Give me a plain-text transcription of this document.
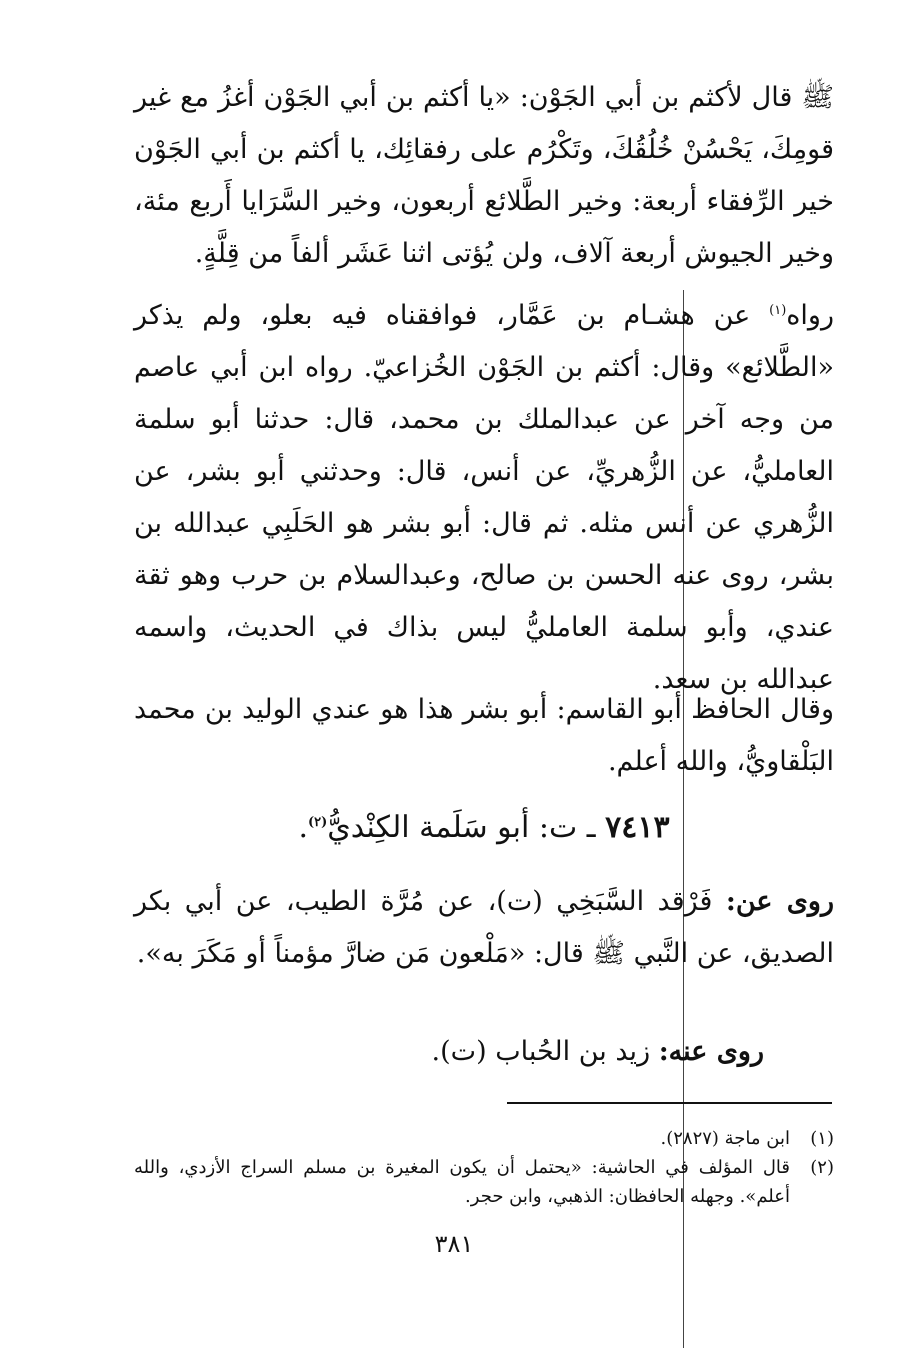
ﷺ قال لأكثم بن أبي الجَوْن: «يا أكثم بن أبي الجَوْن أغزُ مع غير قومِكَ، يَحْسُنْ خُلُقُكَ، وتَكْرُم على رفقائِك، يا أكثم بن أبي الجَوْن خير الرِّفقاء أربعة: وخير الطَّلائع أربعون، وخير السَّرَايا أَربع مئة، وخير الجيوش أربعة آلاف، ولن يُؤتى اثنا عَشَر ألفاً من قِلَّةٍ.

رواه$^{(١)}$ عن هشـام بن عَمَّار، فوافقناه فيه بعلو، ولم يذكر «الطَّلائع» وقال: أكثم بن الجَوْن الخُزاعيّ. رواه ابن أبي عاصم من وجه آخر عن عبدالملك بن محمد، قال: حدثنا أبو سلمة العامليُّ، عن الزُّهريِّ، عن أنس، قال: وحدثني أبو بشر، عن الزُّهري عن أنس مثله. ثم قال: أبو بشر هو الحَلَبِي عبدالله بن بشر، روى عنه الحسن بن صالح، وعبدالسلام بن حرب وهو ثقة عندي، وأبو سلمة العامليُّ ليس بذاك في الحديث، واسمه عبدالله بن سعد.

وقال الحافظ أبو القاسم: أبو بشر هذا هو عندي الوليد بن محمد البَلْقاويُّ، والله أعلم.

٧٤١٣ ـ ت: أبو سَلَمة الكِنْديُّ$^{(٢)}$.

روى عن: فَرْقد السَّبَخِي (ت)، عن مُرَّة الطيب، عن أبي بكر الصديق، عن النَّبي ﷺ قال: «مَلْعون مَن ضارَّ مؤمناً أو مَكَرَ به».

روى عنه: زيد بن الحُباب (ت).

(١)
ابن ماجة (٢٨٢٧).
(٢)
قال المؤلف في الحاشية: «يحتمل أن يكون المغيرة بن مسلم السراج الأزدي، والله أعلم». وجهله الحافظان: الذهبي، وابن حجر.
٣٨١
